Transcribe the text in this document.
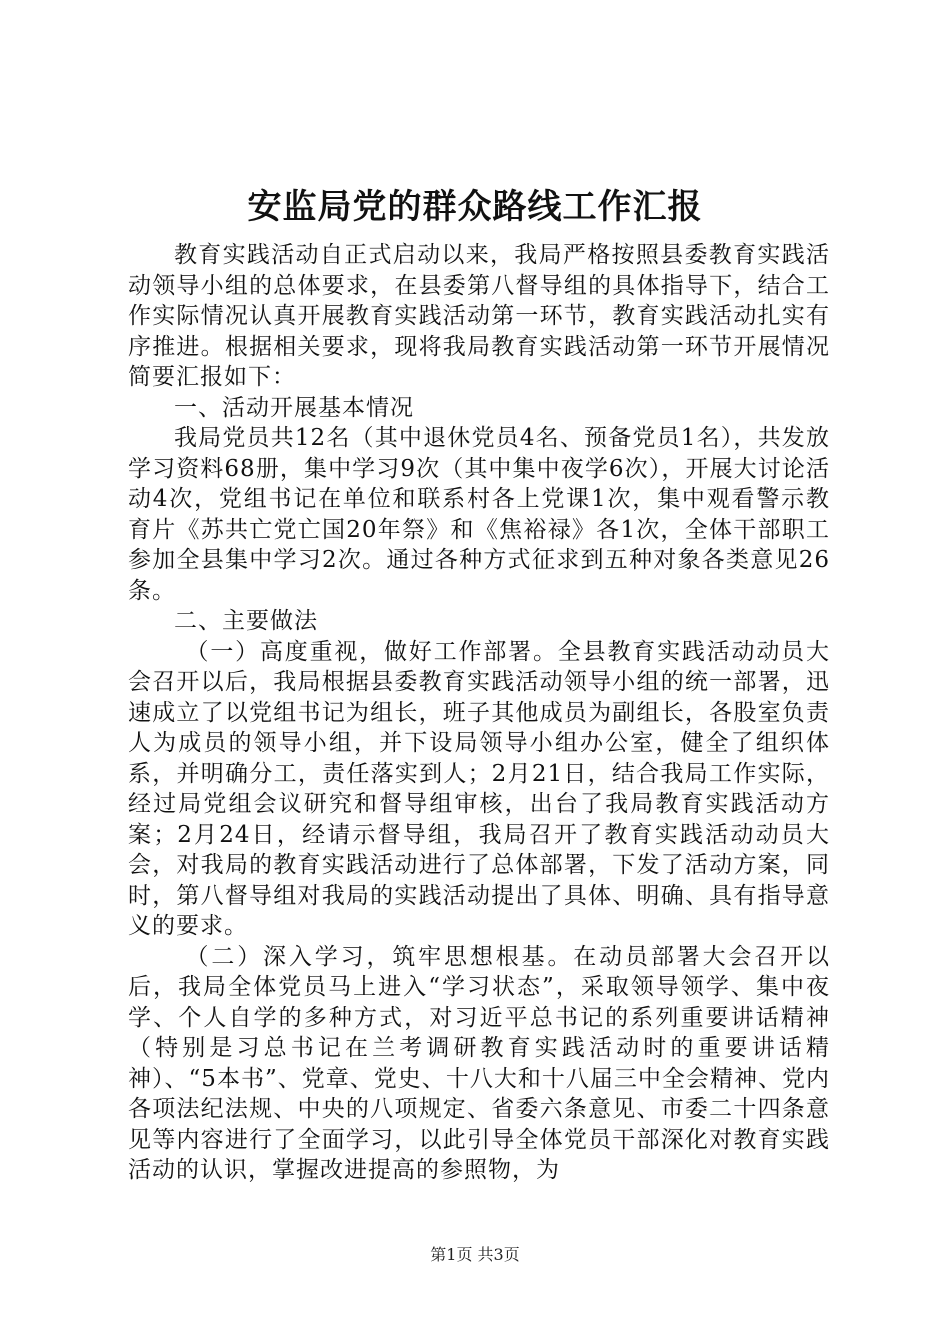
安监局党的群众路线工作汇报

教育实践活动自正式启动以来，我局严格按照县委教育实践活动领导小组的总体要求，在县委第八督导组的具体指导下，结合工作实际情况认真开展教育实践活动第一环节，教育实践活动扎实有序推进。根据相关要求，现将我局教育实践活动第一环节开展情况简要汇报如下：

一、活动开展基本情况

我局党员共12名（其中退休党员4名、预备党员1名），共发放学习资料68册，集中学习9次（其中集中夜学6次），开展大讨论活动4次，党组书记在单位和联系村各上党课1次，集中观看警示教育片《苏共亡党亡国20年祭》和《焦裕禄》各1次，全体干部职工参加全县集中学习2次。通过各种方式征求到五种对象各类意见26条。

二、主要做法

（一）高度重视，做好工作部署。全县教育实践活动动员大会召开以后，我局根据县委教育实践活动领导小组的统一部署，迅速成立了以党组书记为组长，班子其他成员为副组长，各股室负责人为成员的领导小组，并下设局领导小组办公室，健全了组织体系，并明确分工，责任落实到人；2月21日，结合我局工作实际，经过局党组会议研究和督导组审核，出台了我局教育实践活动方案；2月24日，经请示督导组，我局召开了教育实践活动动员大会，对我局的教育实践活动进行了总体部署，下发了活动方案，同时，第八督导组对我局的实践活动提出了具体、明确、具有指导意义的要求。

（二）深入学习，筑牢思想根基。在动员部署大会召开以后，我局全体党员马上进入“学习状态”，采取领导领学、集中夜学、个人自学的多种方式，对习近平总书记的系列重要讲话精神（特别是习总书记在兰考调研教育实践活动时的重要讲话精神）、“5本书”、党章、党史、十八大和十八届三中全会精神、党内各项法纪法规、中央的八项规定、省委六条意见、市委二十四条意见等内容进行了全面学习，以此引导全体党员干部深化对教育实践活动的认识，掌握改进提高的参照物，为

第1页 共3页
